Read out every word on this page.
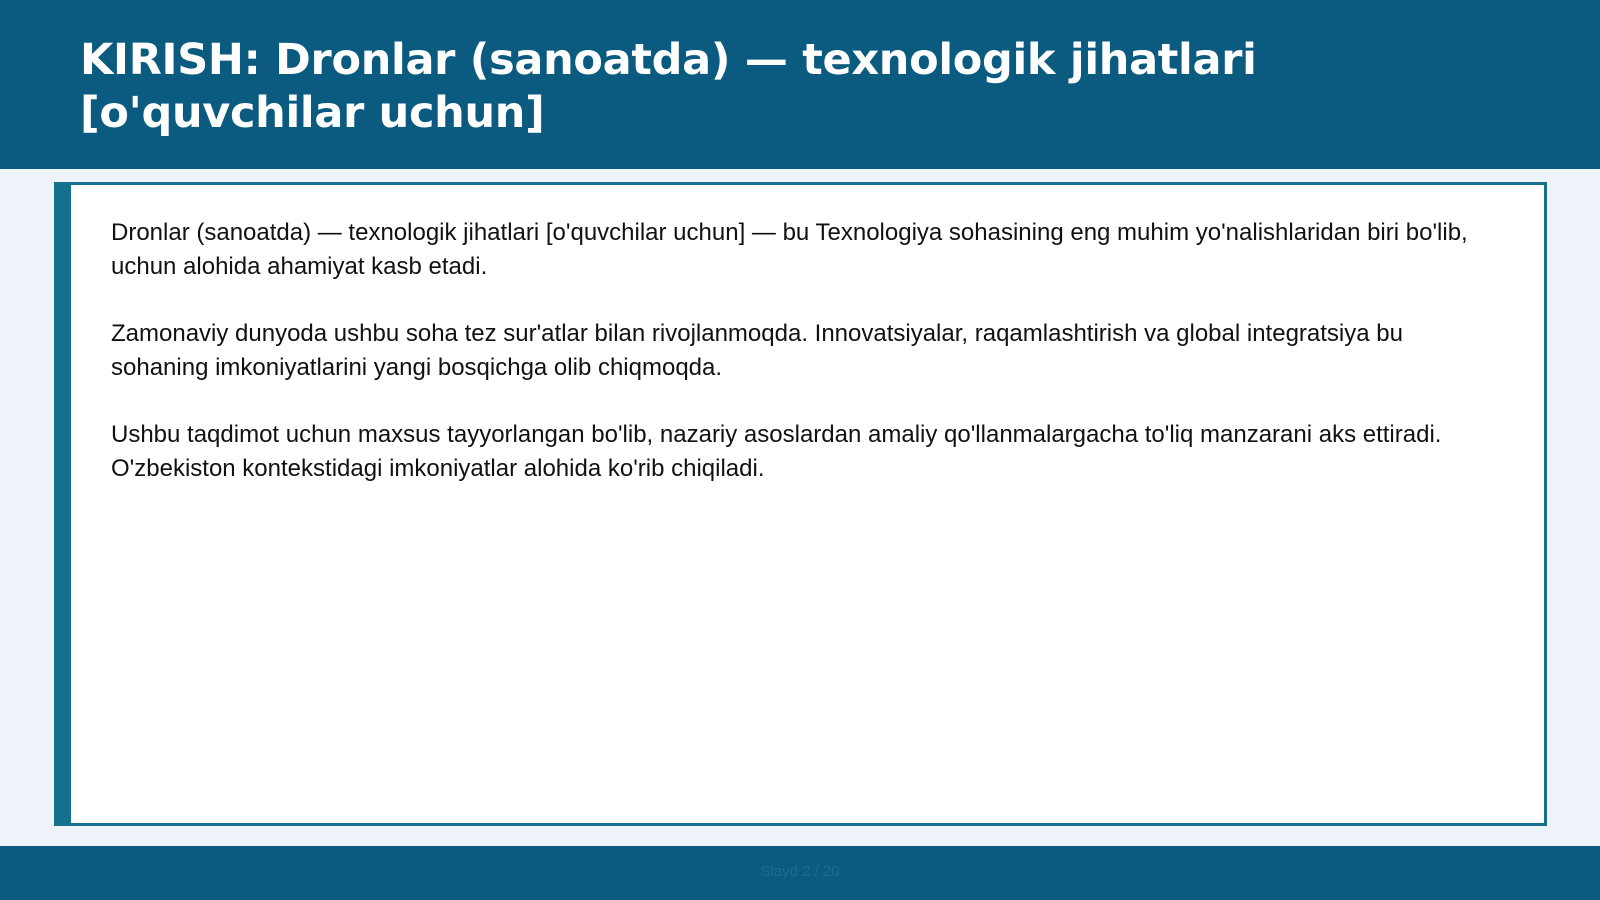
KIRISH: Dronlar (sanoatda) — texnologik jihatlari [o'quvchilar uchun]

Dronlar (sanoatda) — texnologik jihatlari [o'quvchilar uchun] — bu Texnologiya sohasining eng muhim yo'nalishlaridan biri bo'lib, uchun alohida ahamiyat kasb etadi.

Zamonaviy dunyoda ushbu soha tez sur'atlar bilan rivojlanmoqda. Innovatsiyalar, raqamlashtirish va global integratsiya bu sohaning imkoniyatlarini yangi bosqichga olib chiqmoqda.

Ushbu taqdimot uchun maxsus tayyorlangan bo'lib, nazariy asoslardan amaliy qo'llanmalargacha to'liq manzarani aks ettiradi. O'zbekiston kontekstidagi imkoniyatlar alohida ko'rib chiqiladi.

Slayd 2 / 20
